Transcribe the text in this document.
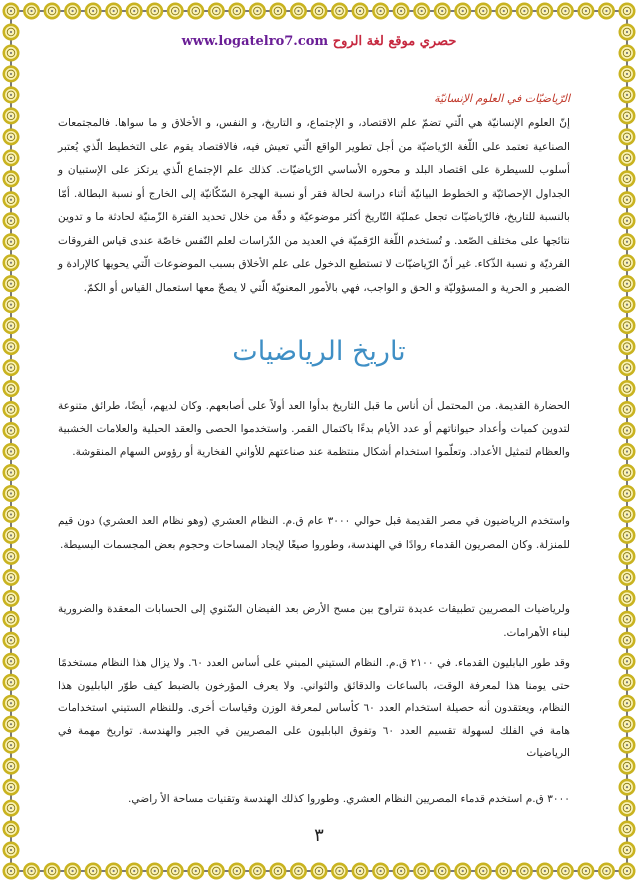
حصري موقع لغة الروح www.logatelro7.com
الرّياضيّات في العلوم الإنسانيّة

إنّ العلوم الإنسانيّة هي الّتي تضمّ علم الاقتصاد، و الإجتماع، و التاريخ، و النفس، و الأخلاق و ما سواها. فالمجتمعات الصناعية تعتمد على اللّغة الرّياضيّة من أجل تطوير الواقع الّتي تعيش فيه، فالاقتصاد يقوم على التخطيط الّذي يُعتبر أسلوب للسيطرة على اقتصاد البلد و محوره الأساسي الرّياضيّات. كذلك علم الإجتماع الّذي يرتكز على الإستبيان و الجداول الإحصائيّة و الخطوط البيانيّة أثناء دراسة لحالة فقر أو نسبة الهجرة السّكّانيّة إلى الخارج أو نسبة البطالة. أمّا بالنسبة للتاريخ، فالرّياضيّات تجعل عمليّة التّاريخ أكثر موضوعيّة و دقّة من خلال تحديد الفترة الزّمنيّة لحادثة ما و تدوين نتائجها على مختلف الصّعد. و تُستخدم اللّغة الرّقميّة في العديد من الدّراسات لعلم النّفس خاصّة عندى قياس الفروقات الفرديّة و نسبة الذّكاء. غير أنّ الرّياضيّات لا تستطيع الدخول على علم الأخلاق بسبب الموضوعات الّتي يحويها كالإرادة و الضمير و الحرية و المسؤوليّة و الحق و الواجب، فهي بالأمور المعنويّة الّتي لا يصحّ معها استعمال القياس أو الكمّ.

تاريخ الرياضيات

الحضارة القديمة. من المحتمل أن أناس ما قبل التاريخ بدأوا العد أولاً على أصابعهم. وكان لديهم، أيضًا، طرائق متنوعة لتدوين كميات وأعداد حيواناتهم أو عدد الأيام بدءًا باكتمال القمر. واستخدموا الحصى والعقد الحبلية والعلامات الخشبية والعظام لتمثيل الأعداد. وتعلّموا استخدام أشكال منتظمة عند صناعتهم للأواني الفخارية أو رؤوس السهام المنقوشة.

واستخدم الرياضيون في مصر القديمة قبل حوالي ٣٠٠٠ عام ق.م. النظام العشري (وهو نظام العد العشري) دون قيم للمنزلة. وكان المصريون القدماء روادًا في الهندسة، وطوروا صيغًا لإيجاد المساحات وحجوم بعض المجسمات البسيطة.

ولرياضيات المصريين تطبيقات عديدة تتراوح بين مسح الأرض بعد الفيضان السّنوي إلى الحسابات المعقدة والضرورية لبناء الأهرامات.

وقد طور البابليون القدماء. في ٢١٠٠ ق.م. النظام الستيني المبني على أساس العدد ٦٠. ولا يزال هذا النظام مستخدمًا حتى يومنا هذا لمعرفة الوقت، بالساعات والدقائق والثواني. ولا يعرف المؤرخون بالضبط كيف طوّر البابليون هذا النظام، ويعتقدون أنه حصيلة استخدام العدد ٦٠ كأساس لمعرفة الوزن وقياسات أخرى. وللنظام الستيني استخدامات هامة في الفلك لسهولة تقسيم العدد ٦٠ وتفوق البابليون على المصريين في الجبر والهندسة. تواريخ مهمة في الرياضيات

٣٠٠٠ ق.م استخدم قدماء المصريين النظام العشري. وطوروا كذلك الهندسة وتقنيات مساحة الأ راضي.

٣
